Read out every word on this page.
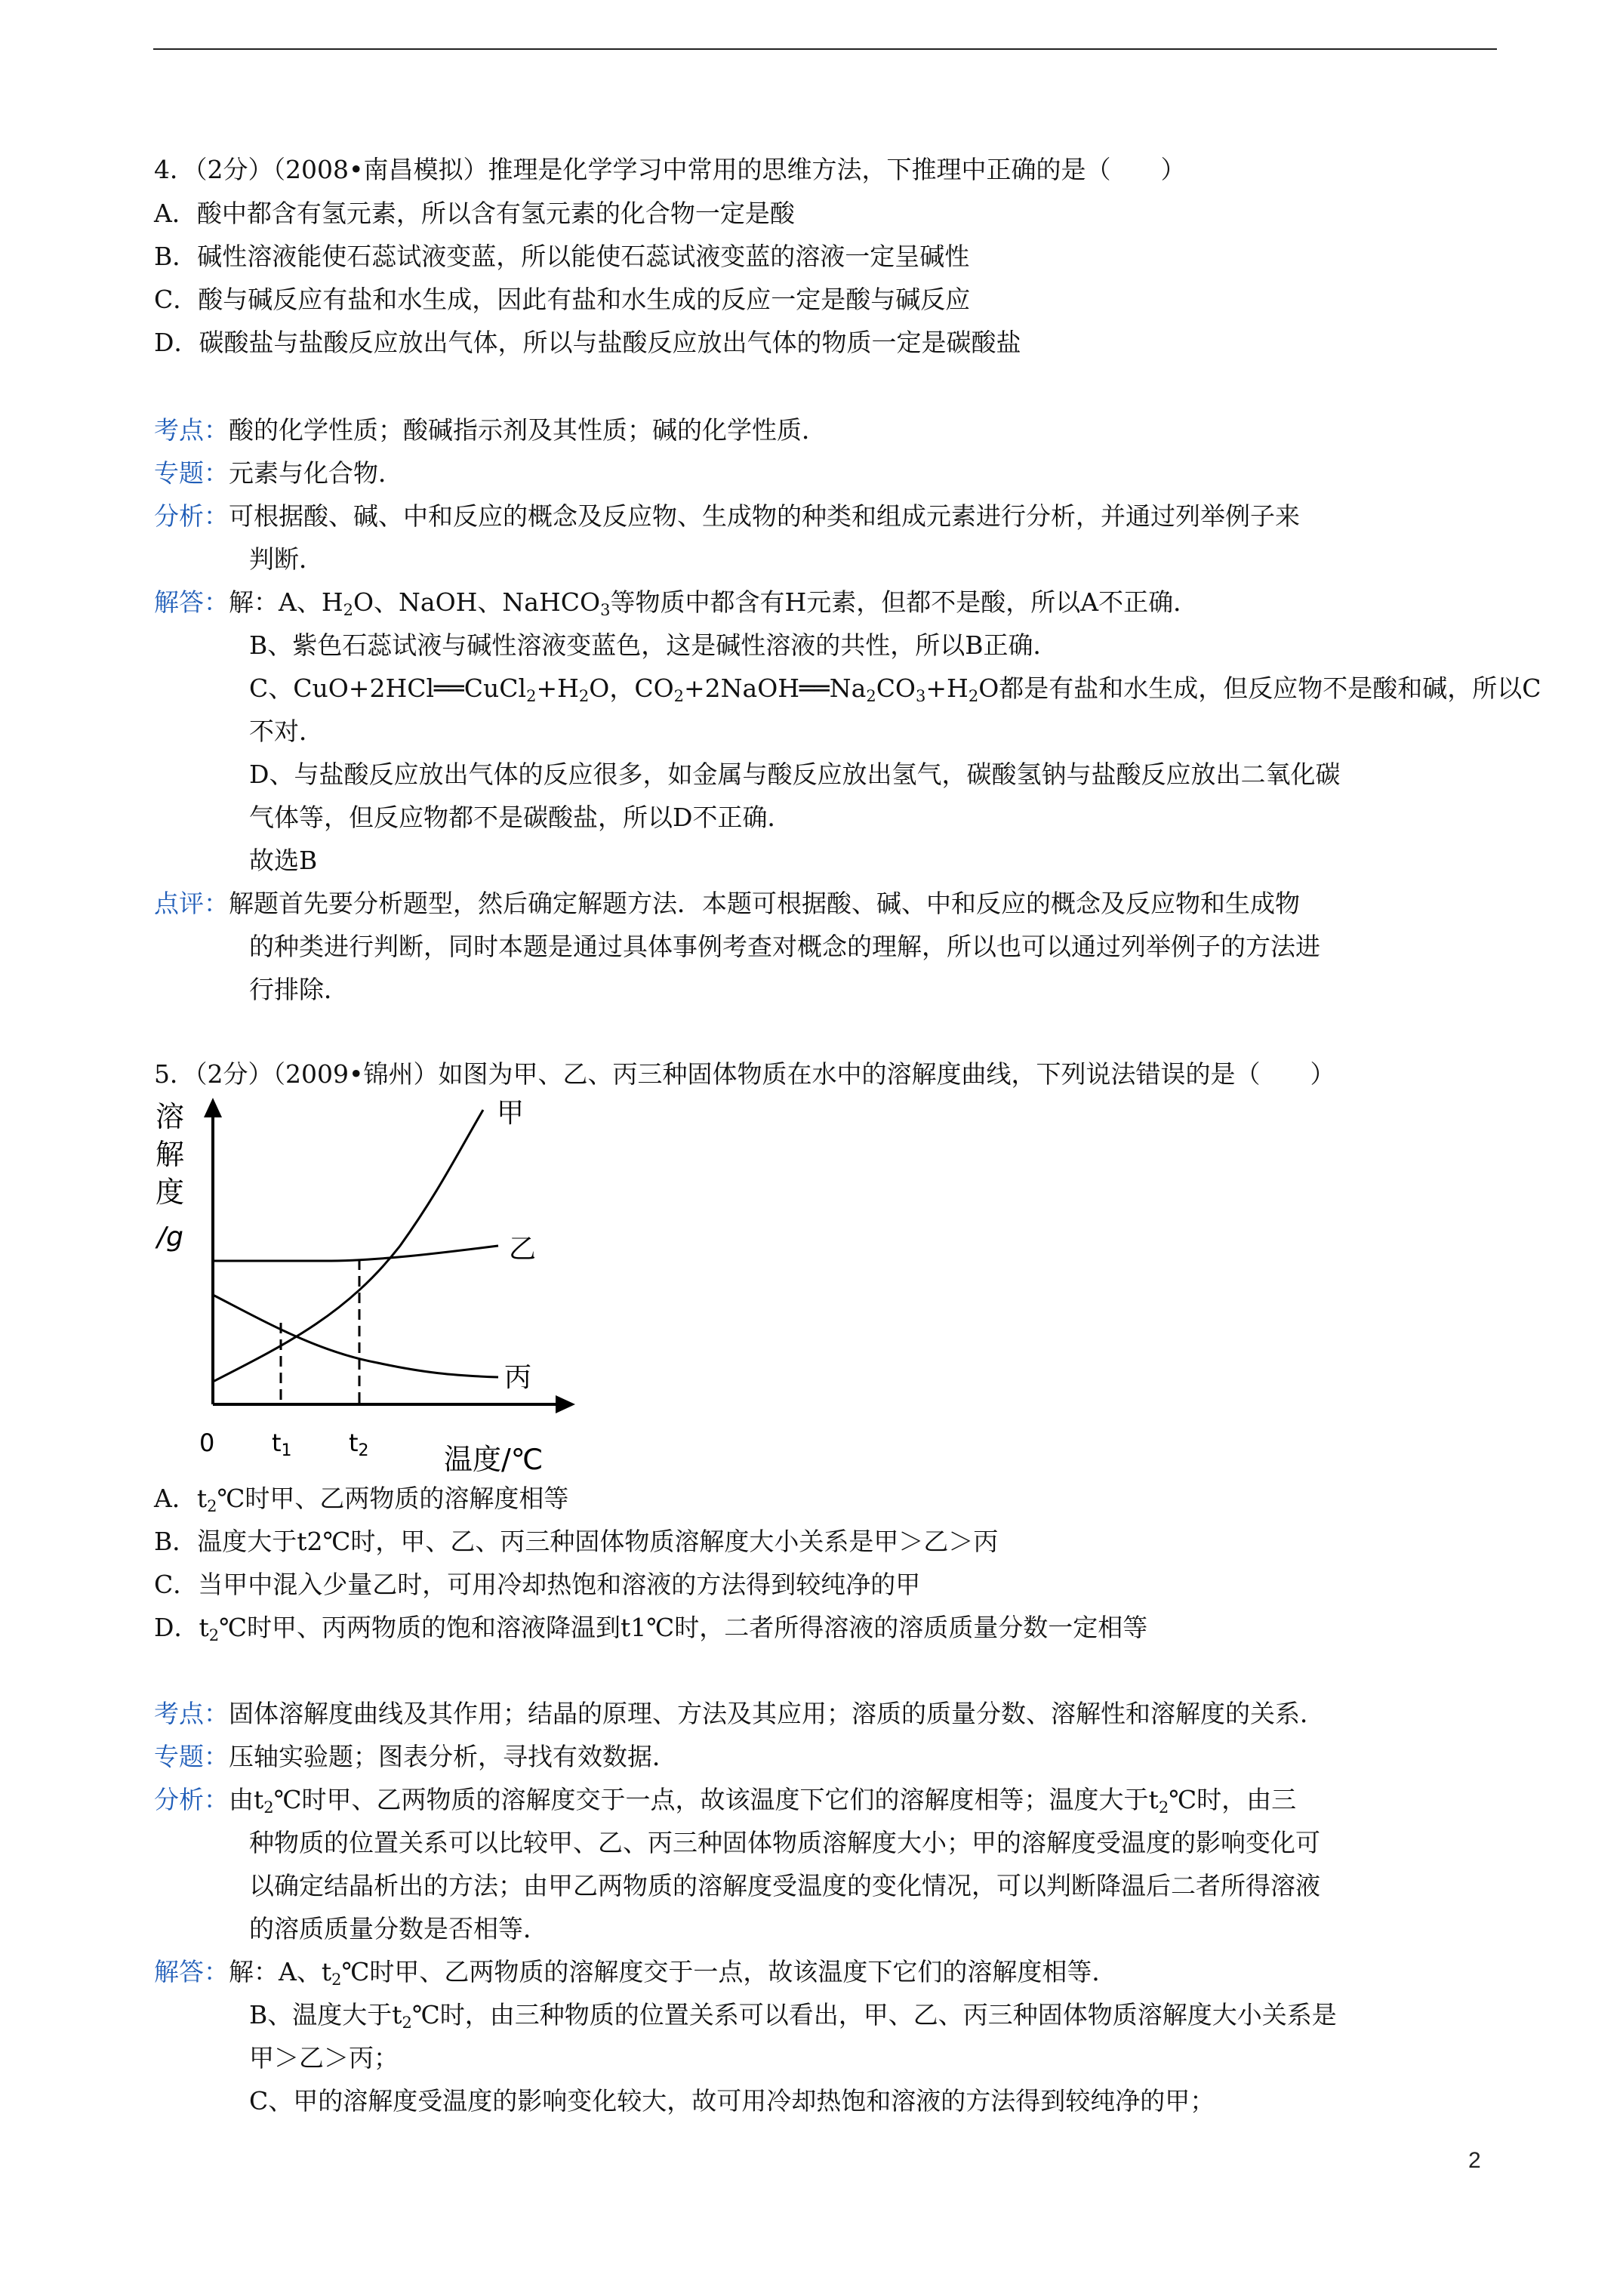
4．（2分）（2008•南昌模拟）推理是化学学习中常用的思维方法，下推理中正确的是（　　）
A．酸中都含有氢元素，所以含有氢元素的化合物一定是酸
B．碱性溶液能使石蕊试液变蓝，所以能使石蕊试液变蓝的溶液一定呈碱性
C．酸与碱反应有盐和水生成，因此有盐和水生成的反应一定是酸与碱反应
D．碳酸盐与盐酸反应放出气体，所以与盐酸反应放出气体的物质一定是碳酸盐
考点：酸的化学性质；酸碱指示剂及其性质；碱的化学性质．
专题：元素与化合物．
分析：可根据酸、碱、中和反应的概念及反应物、生成物的种类和组成元素进行分析，并通过列举例子来
判断．
解答：解：A、$H_2O$、NaOH、NaHCO$_3$等物质中都含有H元素，但都不是酸，所以A不正确．
B、紫色石蕊试液与碱性溶液变蓝色，这是碱性溶液的共性，所以B正确．
C、$CuO+2HCl══CuCl_2+H_2O$，$CO_2+2NaOH══Na_2CO_3+H_2O$都是有盐和水生成，但反应物不是酸和碱，所以C
不对．
D、与盐酸反应放出气体的反应很多，如金属与酸反应放出氢气，碳酸氢钠与盐酸反应放出二氧化碳
气体等，但反应物都不是碳酸盐，所以D不正确．
故选B
点评：解题首先要分析题型，然后确定解题方法．本题可根据酸、碱、中和反应的概念及反应物和生成物
的种类进行判断，同时本题是通过具体事例考查对概念的理解，所以也可以通过列举例子的方法进
行排除．
5．（2分）（2009•锦州）如图为甲、乙、丙三种固体物质在水中的溶解度曲线，下列说法错误的是（　　）
溶
解
度
/g
甲
乙
丙
0 t1 t2	温度/℃
A．$t_2℃$时甲、乙两物质的溶解度相等
B．温度大于t2℃时，甲、乙、丙三种固体物质溶解度大小关系是甲＞乙＞丙
C．当甲中混入少量乙时，可用冷却热饱和溶液的方法得到较纯净的甲
D．$t_2℃$时甲、丙两物质的饱和溶液降温到t1℃时，二者所得溶液的溶质质量分数一定相等
考点：固体溶解度曲线及其作用；结晶的原理、方法及其应用；溶质的质量分数、溶解性和溶解度的关系．
专题：压轴实验题；图表分析，寻找有效数据．
分析：由$t_2℃$时甲、乙两物质的溶解度交于一点，故该温度下它们的溶解度相等；温度大于$t_2℃$时，由三
种物质的位置关系可以比较甲、乙、丙三种固体物质溶解度大小；甲的溶解度受温度的影响变化可
以确定结晶析出的方法；由甲乙两物质的溶解度受温度的变化情况，可以判断降温后二者所得溶液
的溶质质量分数是否相等．
解答：解：A、$t_2℃$时甲、乙两物质的溶解度交于一点，故该温度下它们的溶解度相等．
B、温度大于$t_2℃$时，由三种物质的位置关系可以看出，甲、乙、丙三种固体物质溶解度大小关系是
甲＞乙＞丙；
C、甲的溶解度受温度的影响变化较大，故可用冷却热饱和溶液的方法得到较纯净的甲；
2
